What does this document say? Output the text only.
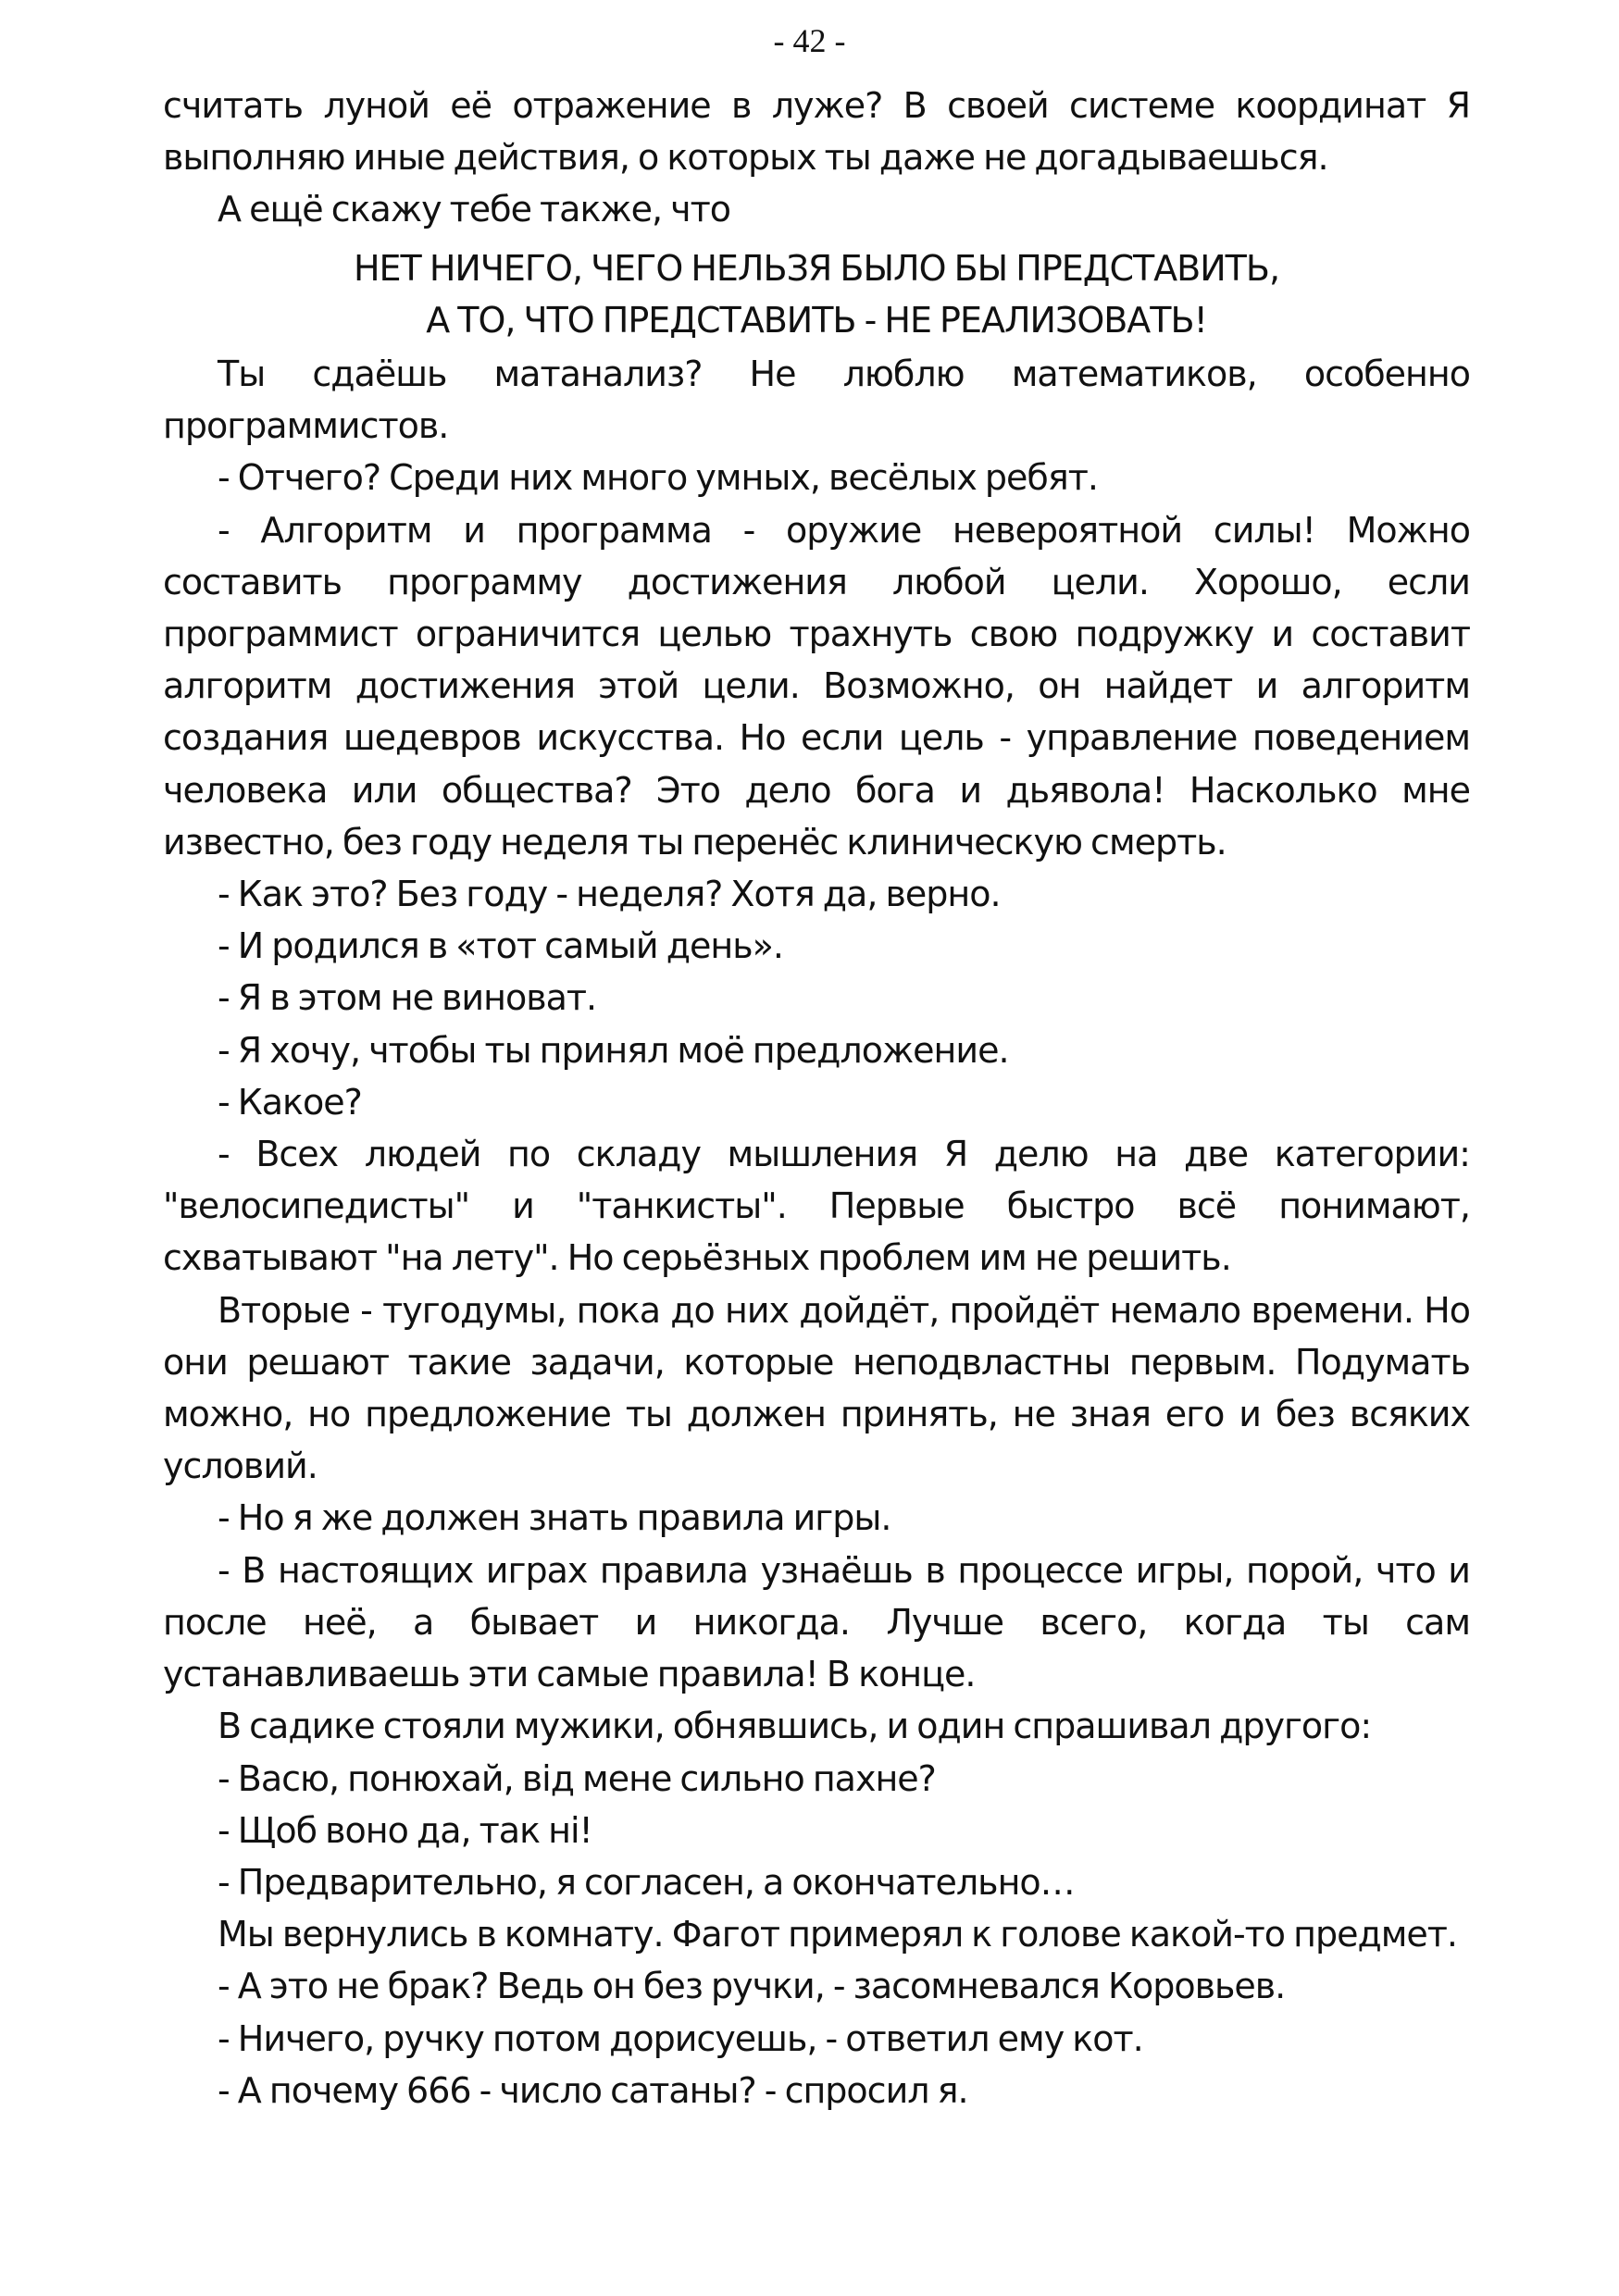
- 42 -

считать луной её отражение в луже? В своей системе координат Я выполняю иные действия, о которых ты даже не догадываешься.

А ещё скажу тебе также, что

НЕТ НИЧЕГО, ЧЕГО НЕЛЬЗЯ БЫЛО БЫ ПРЕДСТАВИТЬ,

А ТО, ЧТО ПРЕДСТАВИТЬ - НЕ РЕАЛИЗОВАТЬ!

Ты сдаёшь матанализ? Не люблю математиков, особенно программистов.

- Отчего? Среди них много умных, весёлых ребят.

- Алгоритм и программа - оружие невероятной силы! Можно составить программу достижения любой цели. Хорошо, если программист ограничится целью трахнуть свою подружку и составит алгоритм достижения этой цели. Возможно, он найдет и алгоритм создания шедевров искусства. Но если цель - управление поведением человека или общества? Это дело бога и дьявола! Насколько мне известно, без году неделя ты перенёс клиническую смерть.

- Как это? Без году - неделя? Хотя да, верно.

- И родился в «тот самый день».

- Я в этом не виноват.

- Я хочу, чтобы ты принял моё предложение.

- Какое?

- Всех людей по складу мышления Я делю на две категории: "велосипедисты" и "танкисты". Первые быстро всё понимают, схватывают "на лету". Но серьёзных проблем им не решить.

Вторые - тугодумы, пока до них дойдёт, пройдёт немало времени. Но они решают такие задачи, которые неподвластны первым. Подумать можно, но предложение ты должен принять, не зная его и без всяких условий.

- Но я же должен знать правила игры.

- В настоящих играх правила узнаёшь в процессе игры, порой, что и после неё, а бывает и никогда. Лучше всего, когда ты сам устанавливаешь эти самые правила! В конце.

В садике стояли мужики, обнявшись, и один спрашивал другого:

- Васю, понюхай, вiд мене сильно пахне?

- Щоб воно да, так нi!

- Предварительно, я согласен, а окончательно…

Мы вернулись в комнату. Фагот примерял к голове какой-то предмет.

- А это не брак? Ведь он без ручки, - засомневался Коровьев.

- Ничего, ручку потом дорисуешь, - ответил ему кот.

- А почему 666 - число сатаны? - спросил я.
